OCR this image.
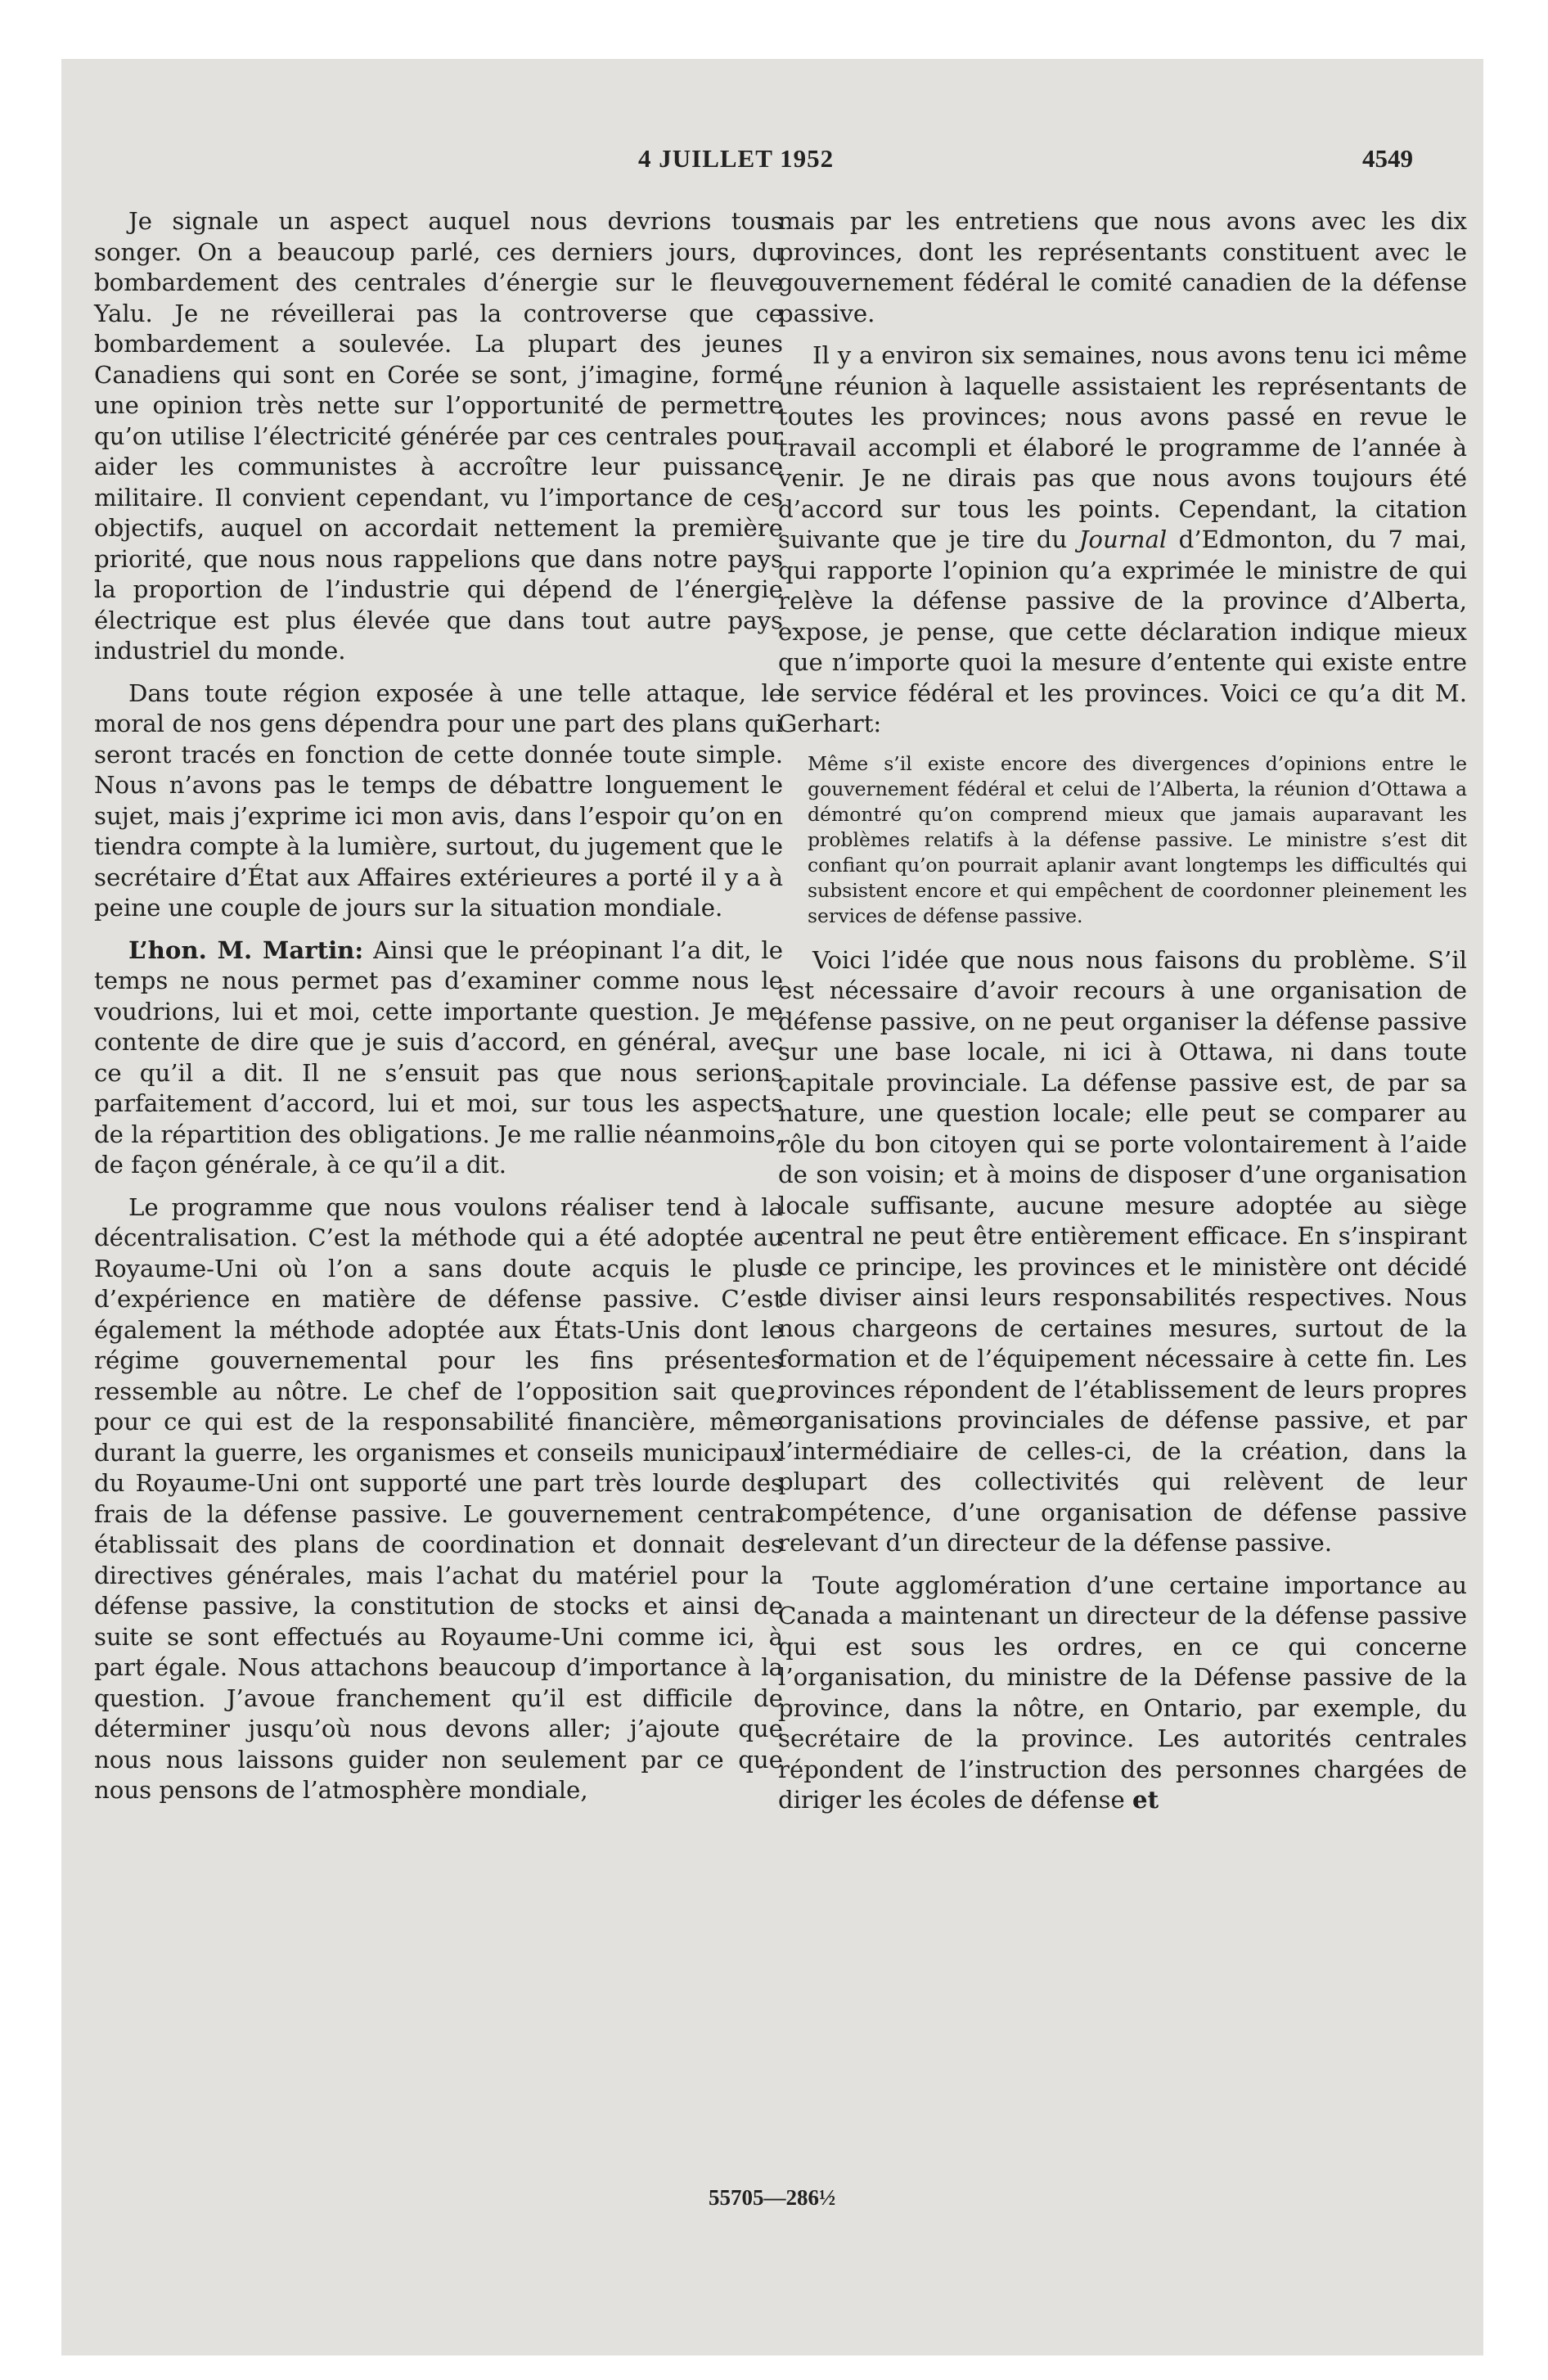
4 JUILLET 1952	4549

Je signale un aspect auquel nous devrions tous songer. On a beaucoup parlé, ces derniers jours, du bombardement des centrales d’énergie sur le fleuve Yalu. Je ne réveillerai pas la controverse que ce bombardement a soulevée. La plupart des jeunes Canadiens qui sont en Corée se sont, j’imagine, formé une opinion très nette sur l’opportunité de permettre qu’on utilise l’électricité générée par ces centrales pour aider les communistes à accroître leur puissance militaire. Il convient cependant, vu l’importance de ces objectifs, auquel on accordait nettement la première priorité, que nous nous rappelions que dans notre pays la proportion de l’industrie qui dépend de l’énergie électrique est plus élevée que dans tout autre pays industriel du monde.

Dans toute région exposée à une telle attaque, le moral de nos gens dépendra pour une part des plans qui seront tracés en fonction de cette donnée toute simple. Nous n’avons pas le temps de débattre longuement le sujet, mais j’exprime ici mon avis, dans l’espoir qu’on en tiendra compte à la lumière, surtout, du jugement que le secrétaire d’État aux Affaires extérieures a porté il y a à peine une couple de jours sur la situation mondiale.

L’hon. M. Martin: Ainsi que le préopinant l’a dit, le temps ne nous permet pas d’examiner comme nous le voudrions, lui et moi, cette importante question. Je me contente de dire que je suis d’accord, en général, avec ce qu’il a dit. Il ne s’ensuit pas que nous serions parfaitement d’accord, lui et moi, sur tous les aspects de la répartition des obligations. Je me rallie néanmoins, de façon générale, à ce qu’il a dit.

Le programme que nous voulons réaliser tend à la décentralisation. C’est la méthode qui a été adoptée au Royaume-Uni où l’on a sans doute acquis le plus d’expérience en matière de défense passive. C’est également la méthode adoptée aux États-Unis dont le régime gouvernemental pour les fins présentes ressemble au nôtre. Le chef de l’opposition sait que, pour ce qui est de la responsabilité financière, même durant la guerre, les organismes et conseils municipaux du Royaume-Uni ont supporté une part très lourde des frais de la défense passive. Le gouvernement central établissait des plans de coordination et donnait des directives générales, mais l’achat du matériel pour la défense passive, la constitution de stocks et ainsi de suite se sont effectués au Royaume-Uni comme ici, à part égale. Nous attachons beaucoup d’importance à la question. J’avoue franchement qu’il est difficile de déterminer jusqu’où nous devons aller; j’ajoute que nous nous laissons guider non seulement par ce que nous pensons de l’atmosphère mondiale,

mais par les entretiens que nous avons avec les dix provinces, dont les représentants constituent avec le gouvernement fédéral le comité canadien de la défense passive.

Il y a environ six semaines, nous avons tenu ici même une réunion à laquelle assistaient les représentants de toutes les provinces; nous avons passé en revue le travail accompli et élaboré le programme de l’année à venir. Je ne dirais pas que nous avons toujours été d’accord sur tous les points. Cependant, la citation suivante que je tire du Journal d’Edmonton, du 7 mai, qui rapporte l’opinion qu’a exprimée le ministre de qui relève la défense passive de la province d’Alberta, expose, je pense, que cette déclaration indique mieux que n’importe quoi la mesure d’entente qui existe entre le service fédéral et les provinces. Voici ce qu’a dit M. Gerhart:

Même s’il existe encore des divergences d’opinions entre le gouvernement fédéral et celui de l’Alberta, la réunion d’Ottawa a démontré qu’on comprend mieux que jamais auparavant les problèmes relatifs à la défense passive. Le ministre s’est dit confiant qu’on pourrait aplanir avant longtemps les difficultés qui subsistent encore et qui empêchent de coordonner pleinement les services de défense passive.

Voici l’idée que nous nous faisons du problème. S’il est nécessaire d’avoir recours à une organisation de défense passive, on ne peut organiser la défense passive sur une base locale, ni ici à Ottawa, ni dans toute capitale provinciale. La défense passive est, de par sa nature, une question locale; elle peut se comparer au rôle du bon citoyen qui se porte volontairement à l’aide de son voisin; et à moins de disposer d’une organisation locale suffisante, aucune mesure adoptée au siège central ne peut être entièrement efficace. En s’inspirant de ce principe, les provinces et le ministère ont décidé de diviser ainsi leurs responsabilités respectives. Nous nous chargeons de certaines mesures, surtout de la formation et de l’équipement nécessaire à cette fin. Les provinces répondent de l’établissement de leurs propres organisations provinciales de défense passive, et par l’intermédiaire de celles-ci, de la création, dans la plupart des collectivités qui relèvent de leur compétence, d’une organisation de défense passive relevant d’un directeur de la défense passive.

Toute agglomération d’une certaine importance au Canada a maintenant un directeur de la défense passive qui est sous les ordres, en ce qui concerne l’organisation, du ministre de la Défense passive de la province, dans la nôtre, en Ontario, par exemple, du secrétaire de la province. Les autorités centrales répondent de l’instruction des personnes chargées de diriger les écoles de défense et

55705—286½
